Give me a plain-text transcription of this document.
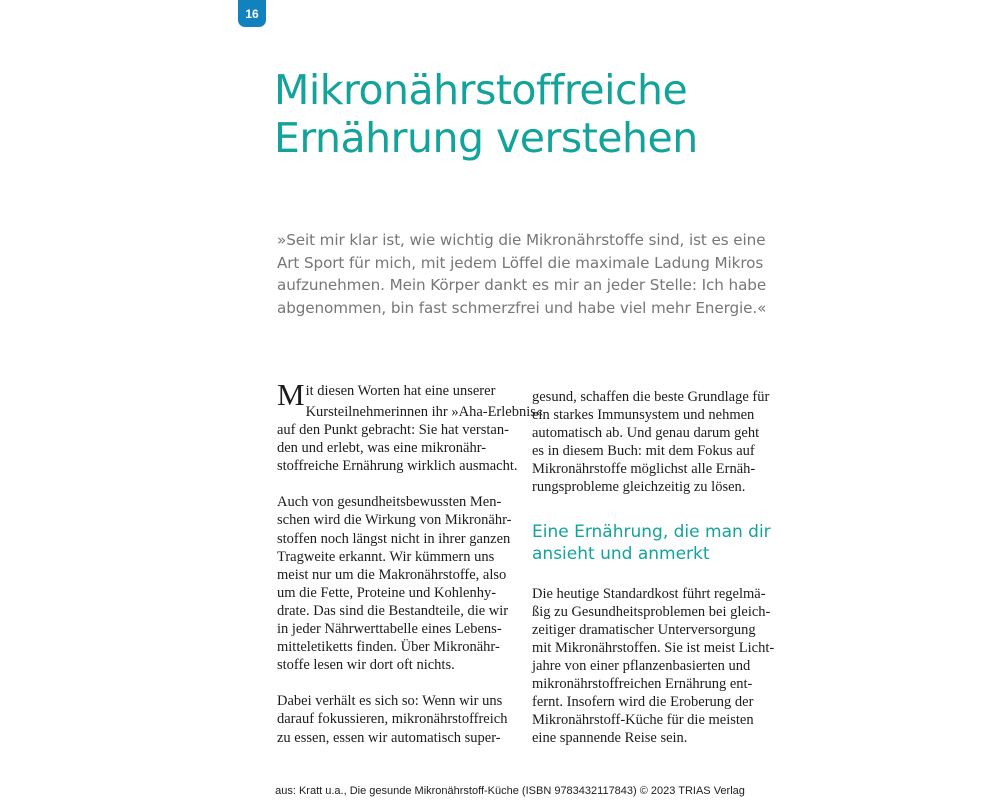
16
Mikronährstoffreiche
Ernährung verstehen

»Seit mir klar ist, wie wichtig die Mikronährstoffe sind, ist es eine
Art Sport für mich, mit jedem Löffel die maximale Ladung Mikros
aufzunehmen. Mein Körper dankt es mir an jeder Stelle: Ich habe
abgenommen, bin fast schmerzfrei und habe viel mehr Energie.«

M it diesen Worten hat eine unserer
Kursteilnehmerinnen ihr »Aha-Erlebnis«
auf den Punkt gebracht: Sie hat verstan-
den und erlebt, was eine mikronähr-
stoffreiche Ernährung wirklich ausmacht.

Auch von gesundheitsbewussten Men-
schen wird die Wirkung von Mikronähr-
stoffen noch längst nicht in ihrer ganzen
Tragweite erkannt. Wir kümmern uns
meist nur um die Makronährstoffe, also
um die Fette, Proteine und Kohlenhy-
drate. Das sind die Bestandteile, die wir
in jeder Nährwerttabelle eines Lebens-
mitteletiketts finden. Über Mikronähr-
stoffe lesen wir dort oft nichts.

Dabei verhält es sich so: Wenn wir uns
darauf fokussieren, mikronährstoffreich
zu essen, essen wir automatisch super-

gesund, schaffen die beste Grundlage für
ein starkes Immunsystem und nehmen
automatisch ab. Und genau darum geht
es in diesem Buch: mit dem Fokus auf
Mikronährstoffe möglichst alle Ernäh-
rungsprobleme gleichzeitig zu lösen.

Eine Ernährung, die man dir
ansieht und anmerkt

Die heutige Standardkost führt regelmä-
ßig zu Gesundheitsproblemen bei gleich-
zeitiger dramatischer Unterversorgung
mit Mikronährstoffen. Sie ist meist Licht-
jahre von einer pflanzenbasierten und
mikronährstoffreichen Ernährung ent-
fernt. Insofern wird die Eroberung der
Mikronährstoff-Küche für die meisten
eine spannende Reise sein.

aus: Kratt u.a., Die gesunde Mikronährstoff-Küche (ISBN 9783432117843) © 2023 TRIAS Verlag
